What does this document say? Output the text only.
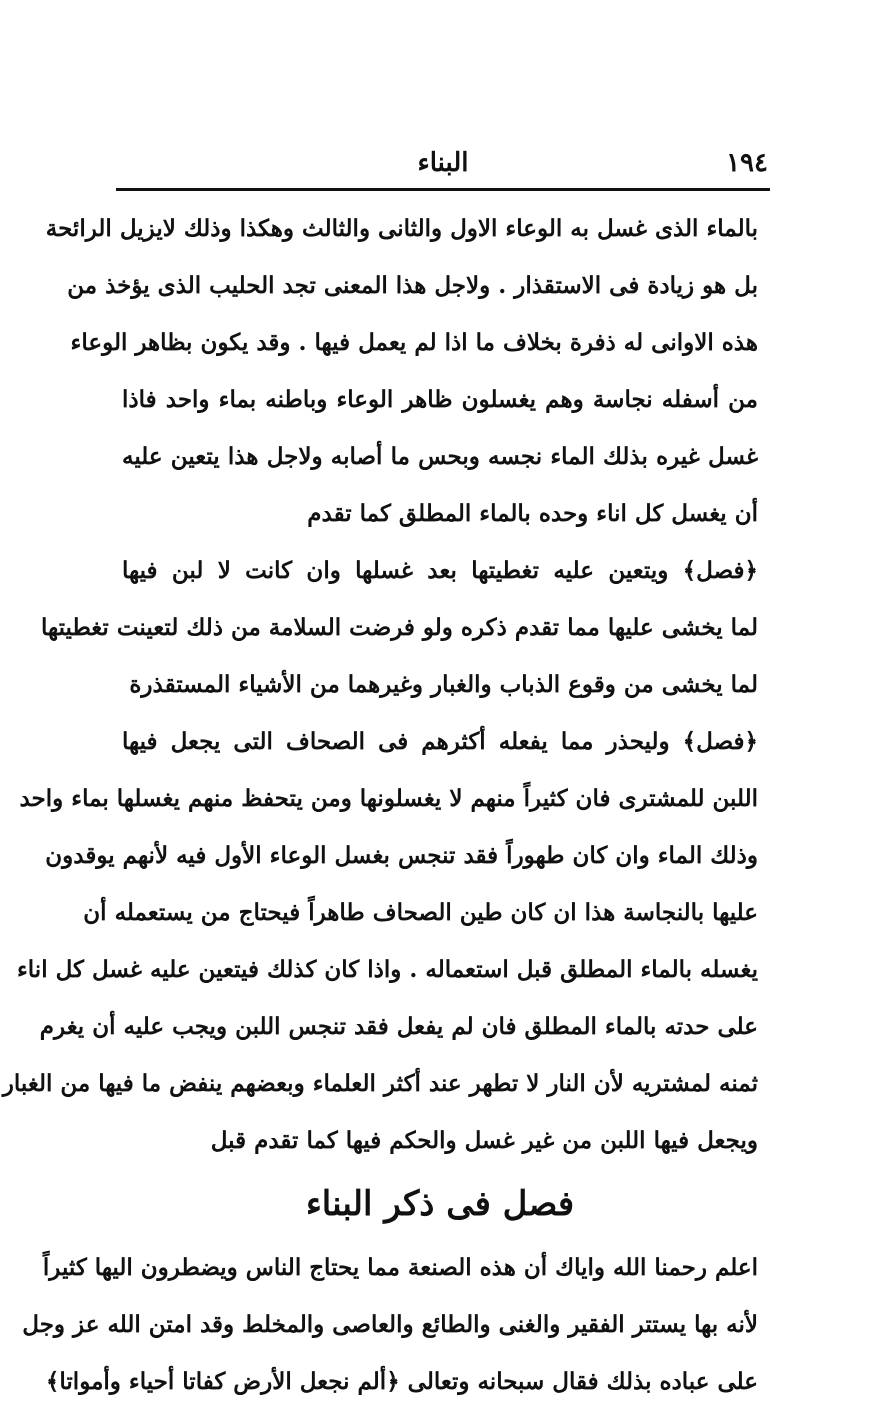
البناء	١٩٤
بالماء الذى غسل به الوعاء الاول والثانى والثالث وهكذا وذلك لايزيل الرائحة
بل هو زيادة فى الاستقذار . ولاجل هذا المعنى تجد الحليب الذى يؤخذ من
هذه الاوانى له ذفرة بخلاف ما اذا لم يعمل فيها . وقد يكون بظاهر الوعاء
من أسفله نجاسة وهم يغسلون ظاهر الوعاء وباطنه بماء واحد فاذا
غسل غيره بذلك الماء نجسه وبحس ما أصابه ولاجل هذا يتعين عليه
أن يغسل كل اناء وحده بالماء المطلق كما تقدم
﴿فصل﴾ ويتعين عليه تغطيتها بعد غسلها وان كانت لا لبن فيها
لما يخشى عليها مما تقدم ذكره ولو فرضت السلامة من ذلك لتعينت تغطيتها
لما يخشى من وقوع الذباب والغبار وغيرهما من الأشياء المستقذرة
﴿فصل﴾ وليحذر مما يفعله أكثرهم فى الصحاف التى يجعل فيها
اللبن للمشترى فان كثيراً منهم لا يغسلونها ومن يتحفظ منهم يغسلها بماء واحد
وذلك الماء وان كان طهوراً فقد تنجس بغسل الوعاء الأول فيه لأنهم يوقدون
عليها بالنجاسة هذا ان كان طين الصحاف طاهراً فيحتاج من يستعمله أن
يغسله بالماء المطلق قبل استعماله . واذا كان كذلك فيتعين عليه غسل كل اناء
على حدته بالماء المطلق فان لم يفعل فقد تنجس اللبن ويجب عليه أن يغرم
ثمنه لمشتريه لأن النار لا تطهر عند أكثر العلماء وبعضهم ينفض ما فيها من الغبار
ويجعل فيها اللبن من غير غسل والحكم فيها كما تقدم قبل
فصل فى ذكر البناء
اعلم رحمنا الله واياك أن هذه الصنعة مما يحتاج الناس ويضطرون اليها كثيراً
لأنه بها يستتر الفقير والغنى والطائع والعاصى والمخلط وقد امتن الله عز وجل
على عباده بذلك فقال سبحانه وتعالى ﴿ألم نجعل الأرض كفاتا أحياء وأمواتا﴾
